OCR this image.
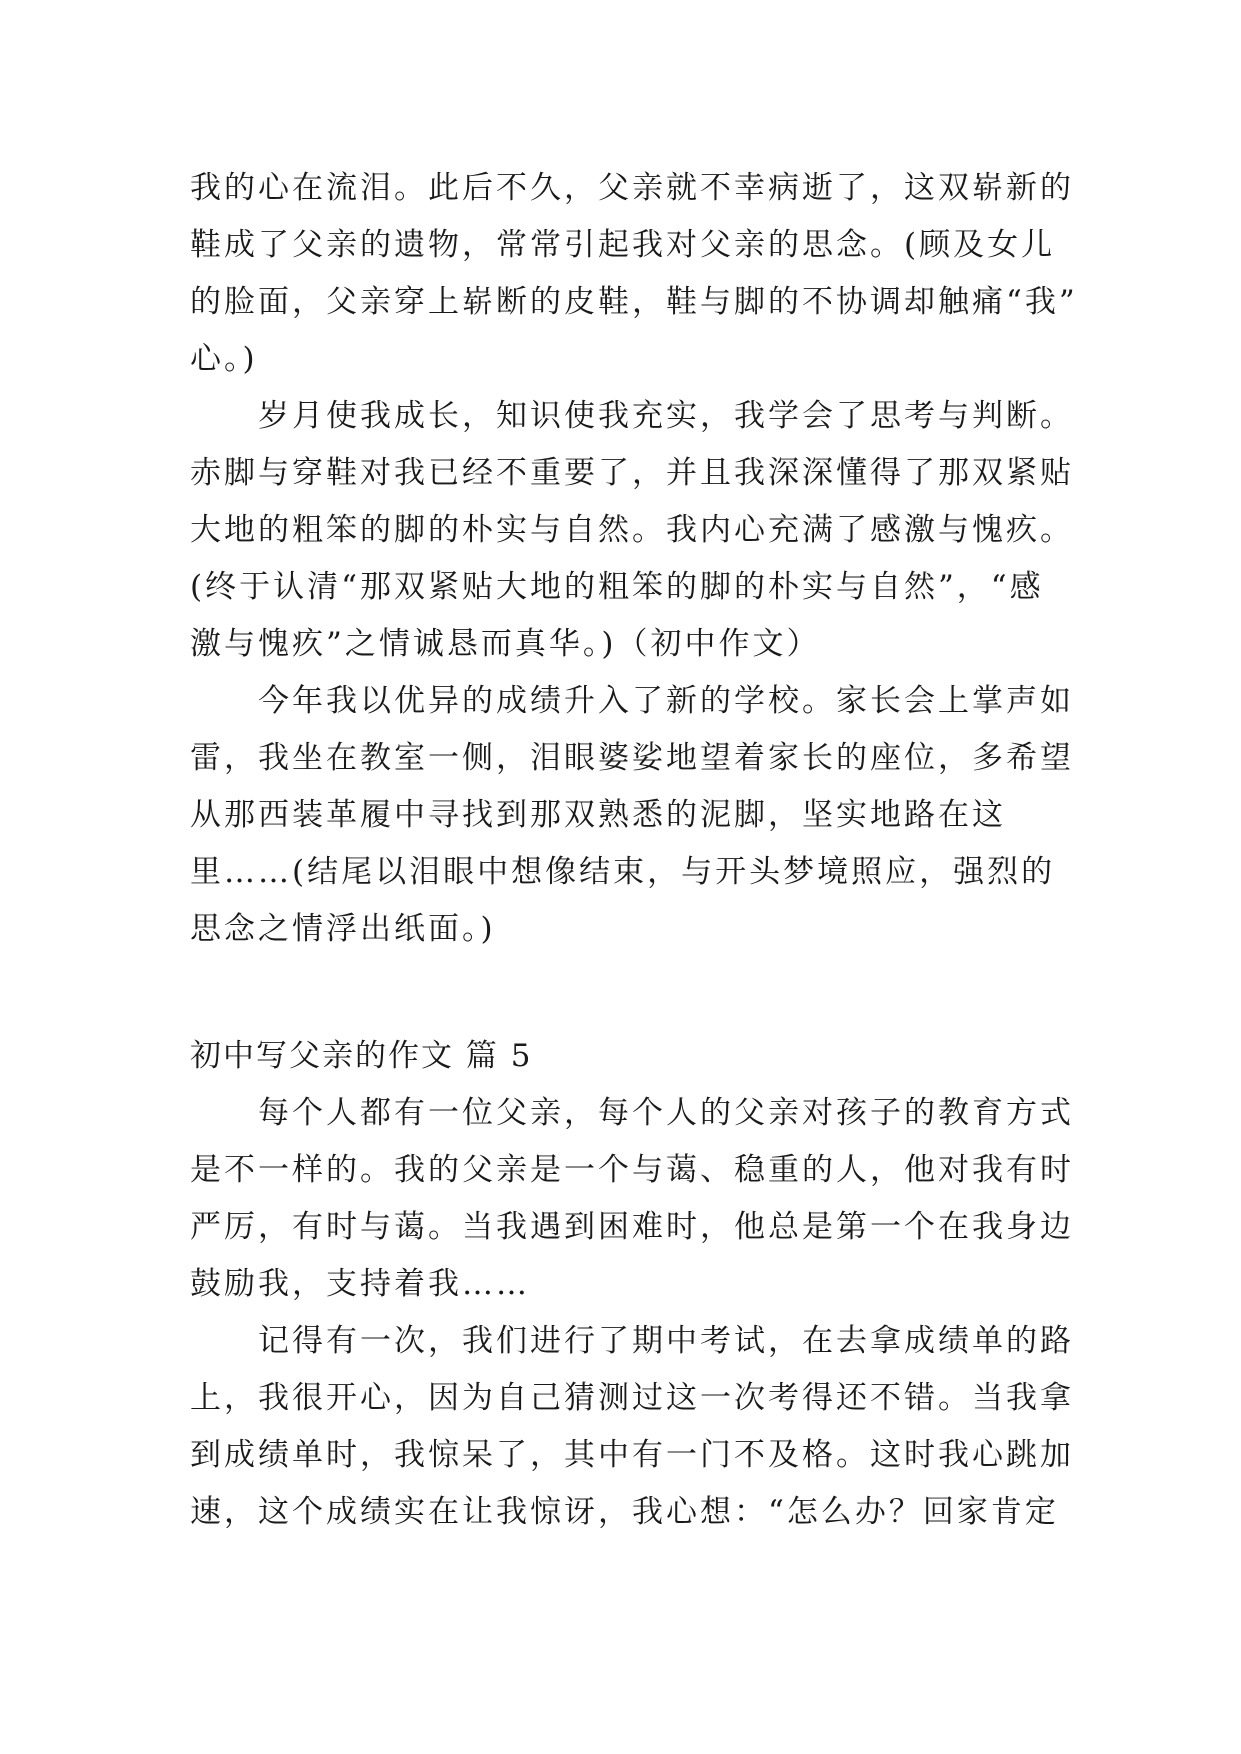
我的心在流泪。此后不久，父亲就不幸病逝了，这双崭新的
鞋成了父亲的遗物，常常引起我对父亲的思念。(顾及女儿
的脸面，父亲穿上崭断的皮鞋，鞋与脚的不协调却触痛“我”
心。)
　　岁月使我成长，知识使我充实，我学会了思考与判断。
赤脚与穿鞋对我已经不重要了，并且我深深懂得了那双紧贴
大地的粗笨的脚的朴实与自然。我内心充满了感激与愧疚。
(终于认清“那双紧贴大地的粗笨的脚的朴实与自然”，“感
激与愧疚”之情诚恳而真华。)（初中作文）
　　今年我以优异的成绩升入了新的学校。家长会上掌声如
雷，我坐在教室一侧，泪眼婆娑地望着家长的座位，多希望
从那西装革履中寻找到那双熟悉的泥脚，坚实地路在这
里……(结尾以泪眼中想像结束，与开头梦境照应，强烈的
思念之情浮出纸面。)
初中写父亲的作文 篇 5
　　每个人都有一位父亲，每个人的父亲对孩子的教育方式
是不一样的。我的父亲是一个与蔼、稳重的人，他对我有时
严厉，有时与蔼。当我遇到困难时，他总是第一个在我身边
鼓励我，支持着我……
　　记得有一次，我们进行了期中考试，在去拿成绩单的路
上，我很开心，因为自己猜测过这一次考得还不错。当我拿
到成绩单时，我惊呆了，其中有一门不及格。这时我心跳加
速，这个成绩实在让我惊讶，我心想：“怎么办？回家肯定
